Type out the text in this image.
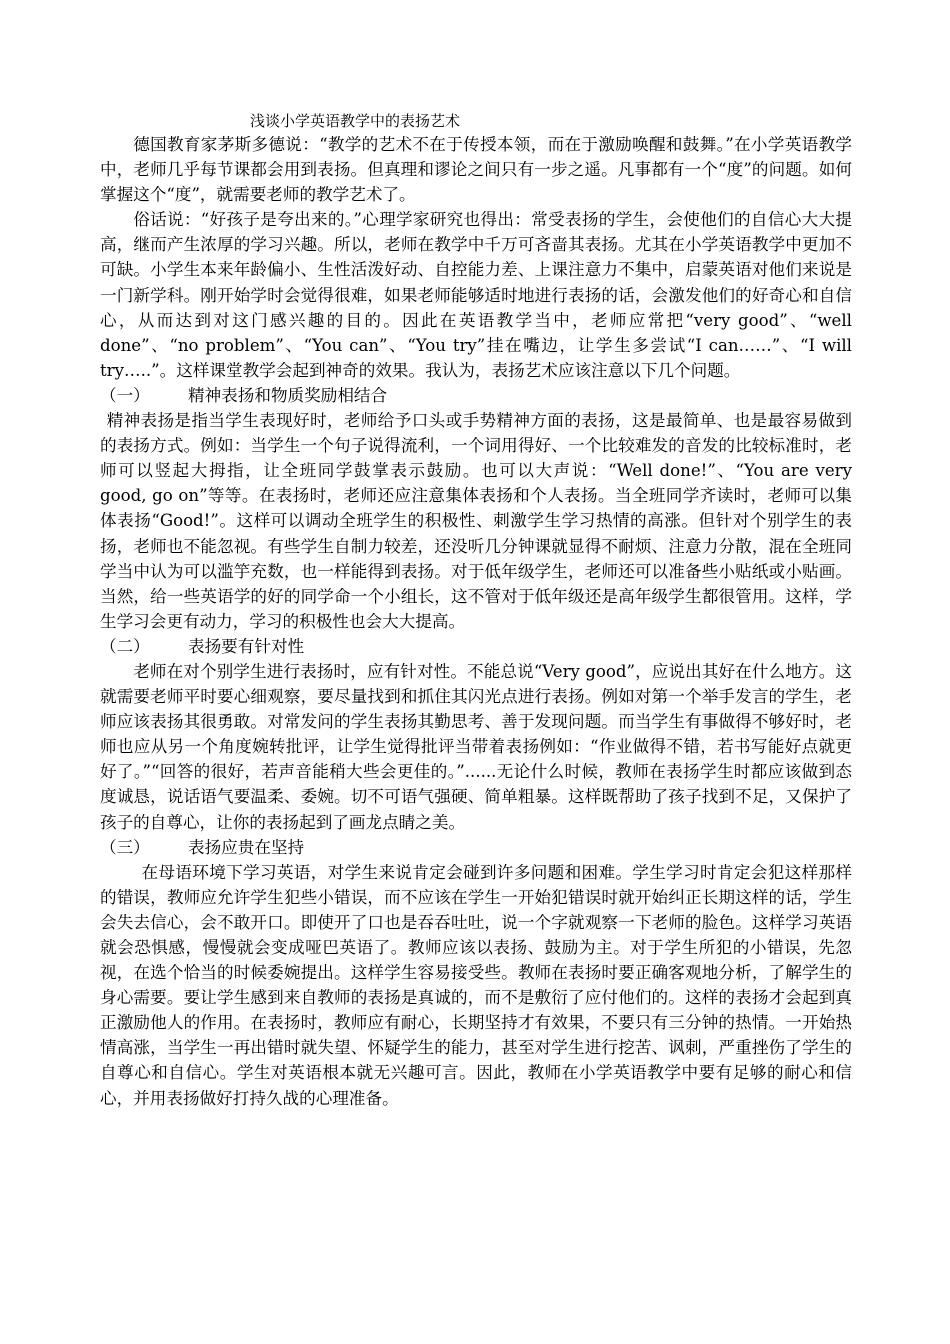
浅谈小学英语教学中的表扬艺术

德国教育家茅斯多德说：“教学的艺术不在于传授本领，而在于激励唤醒和鼓舞。”在小学英语教学中，老师几乎每节课都会用到表扬。但真理和谬论之间只有一步之遥。凡事都有一个“度”的问题。如何掌握这个“度”，就需要老师的教学艺术了。

俗话说：“好孩子是夸出来的。”心理学家研究也得出：常受表扬的学生，会使他们的自信心大大提高，继而产生浓厚的学习兴趣。所以，老师在教学中千万可吝啬其表扬。尤其在小学英语教学中更加不可缺。小学生本来年龄偏小、生性活泼好动、自控能力差、上课注意力不集中，启蒙英语对他们来说是一门新学科。刚开始学时会觉得很难，如果老师能够适时地进行表扬的话，会激发他们的好奇心和自信心，从而达到对这门感兴趣的目的。因此在英语教学当中，老师应常把“very good”、“well done”、“no problem”、“You can”、“You try”挂在嘴边，让学生多尝试“I can……”、“I will try…..”。这样课堂教学会起到神奇的效果。我认为，表扬艺术应该注意以下几个问题。

（一） 精神表扬和物质奖励相结合

精神表扬是指当学生表现好时，老师给予口头或手势精神方面的表扬，这是最简单、也是最容易做到的表扬方式。例如：当学生一个句子说得流利，一个词用得好、一个比较难发的音发的比较标准时，老师可以竖起大拇指，让全班同学鼓掌表示鼓励。也可以大声说：“Well done!”、“You are very good, go on”等等。在表扬时，老师还应注意集体表扬和个人表扬。当全班同学齐读时，老师可以集体表扬“Good!”。这样可以调动全班学生的积极性、刺激学生学习热情的高涨。但针对个别学生的表扬，老师也不能忽视。有些学生自制力较差，还没听几分钟课就显得不耐烦、注意力分散，混在全班同学当中认为可以滥竽充数，也一样能得到表扬。对于低年级学生，老师还可以准备些小贴纸或小贴画。当然，给一些英语学的好的同学命一个小组长，这不管对于低年级还是高年级学生都很管用。这样，学生学习会更有动力，学习的积极性也会大大提高。

（二） 表扬要有针对性

老师在对个别学生进行表扬时，应有针对性。不能总说“Very good”，应说出其好在什么地方。这就需要老师平时要心细观察，要尽量找到和抓住其闪光点进行表扬。例如对第一个举手发言的学生，老师应该表扬其很勇敢。对常发问的学生表扬其勤思考、善于发现问题。而当学生有事做得不够好时，老师也应从另一个角度婉转批评，让学生觉得批评当带着表扬例如：“作业做得不错，若书写能好点就更好了。”“回答的很好，若声音能稍大些会更佳的。”......无论什么时候，教师在表扬学生时都应该做到态度诚恳，说话语气要温柔、委婉。切不可语气强硬、简单粗暴。这样既帮助了孩子找到不足，又保护了孩子的自尊心，让你的表扬起到了画龙点睛之美。

（三） 表扬应贵在坚持

在母语环境下学习英语，对学生来说肯定会碰到许多问题和困难。学生学习时肯定会犯这样那样的错误，教师应允许学生犯些小错误，而不应该在学生一开始犯错误时就开始纠正长期这样的话，学生会失去信心，会不敢开口。即使开了口也是吞吞吐吐，说一个字就观察一下老师的脸色。这样学习英语就会恐惧感，慢慢就会变成哑巴英语了。教师应该以表扬、鼓励为主。对于学生所犯的小错误，先忽视，在选个恰当的时候委婉提出。这样学生容易接受些。教师在表扬时要正确客观地分析，了解学生的身心需要。要让学生感到来自教师的表扬是真诚的，而不是敷衍了应付他们的。这样的表扬才会起到真正激励他人的作用。在表扬时，教师应有耐心，长期坚持才有效果，不要只有三分钟的热情。一开始热情高涨，当学生一再出错时就失望、怀疑学生的能力，甚至对学生进行挖苦、讽刺，严重挫伤了学生的自尊心和自信心。学生对英语根本就无兴趣可言。因此，教师在小学英语教学中要有足够的耐心和信心，并用表扬做好打持久战的心理准备。
